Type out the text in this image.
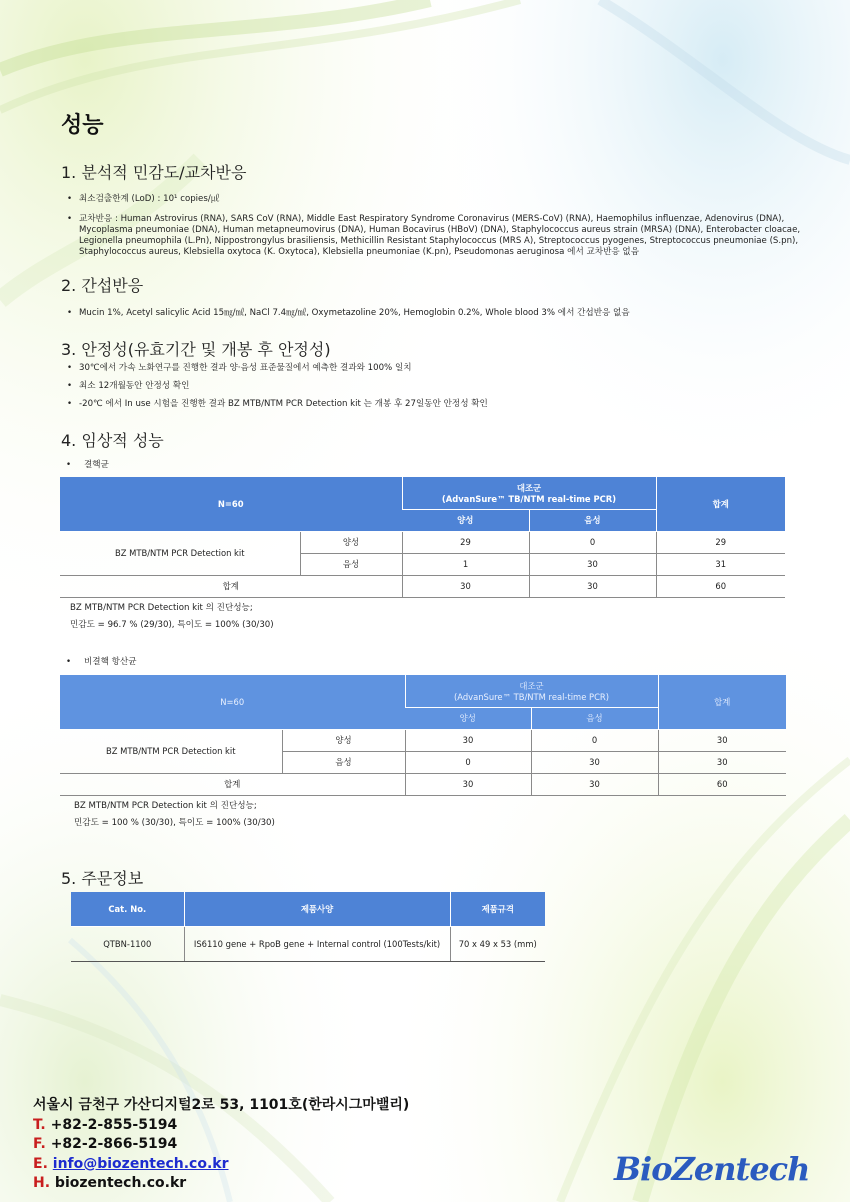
성능
1. 분석적 민감도/교차반응
• 최소검출한계 (LoD) : 10¹ copies/㎕
• 교차반응 : Human Astrovirus (RNA), SARS CoV (RNA), Middle East Respiratory Syndrome Coronavirus (MERS-CoV) (RNA), Haemophilus influenzae, Adenovirus (DNA), Mycoplasma pneumoniae (DNA), Human metapneumovirus (DNA), Human Bocavirus (HBoV) (DNA), Staphylococcus aureus strain (MRSA) (DNA), Enterobacter cloacae, Legionella pneumophila (L.Pn), Nippostrongylus brasiliensis, Methicillin Resistant Staphylococcus (MRS A), Streptococcus pyogenes, Streptococcus pneumoniae (S.pn), Staphylococcus aureus, Klebsiella oxytoca (K. Oxytoca), Klebsiella pneumoniae (K.pn), Pseudomonas aeruginosa 에서 교차반응 없음
2. 간섭반응
• Mucin 1%, Acetyl salicylic Acid 15㎎/㎖, NaCl 7.4㎎/㎖, Oxymetazoline 20%, Hemoglobin 0.2%, Whole blood 3% 에서 간섭반응 없음
3. 안정성(유효기간 및 개봉 후 안정성)
• 30℃에서 가속 노화연구를 진행한 결과 양·음성 표준물질에서 예측한 결과와 100% 일치
• 최소 12개월동안 안정성 확인
• -20℃ 에서 In use 시험을 진행한 결과 BZ MTB/NTM PCR Detection kit 는 개봉 후 27일동안 안정성 확인
4. 임상적 성능
• 결핵균
N=60		대조군
(AdvanSure™ TB/NTM real-time PCR)		합계
		양성	음성	
BZ MTB/NTM PCR Detection kit	양성	29	0	29
	음성	1	30	31
합계		30	30	60
BZ MTB/NTM PCR Detection kit 의 진단성능;
민감도 = 96.7 % (29/30), 특이도 = 100% (30/30)
• 비결핵 항산균
N=60		대조군
(AdvanSure™ TB/NTM real-time PCR)		합계
		양성	음성	
BZ MTB/NTM PCR Detection kit	양성	30	0	30
	음성	0	30	30
합계		30	30	60
BZ MTB/NTM PCR Detection kit 의 진단성능;
민감도 = 100 % (30/30), 특이도 = 100% (30/30)
5. 주문정보
Cat. No.	제품사양	제품규격
QTBN-1100	IS6110 gene + RpoB gene + Internal control (100Tests/kit)	70 x 49 x 53 (mm)
서울시 금천구 가산디지털2로 53, 1101호(한라시그마밸리)
T. +82-2-855-5194
F. +82-2-866-5194
E. info@biozentech.co.kr
H. biozentech.co.kr	BioZentech
